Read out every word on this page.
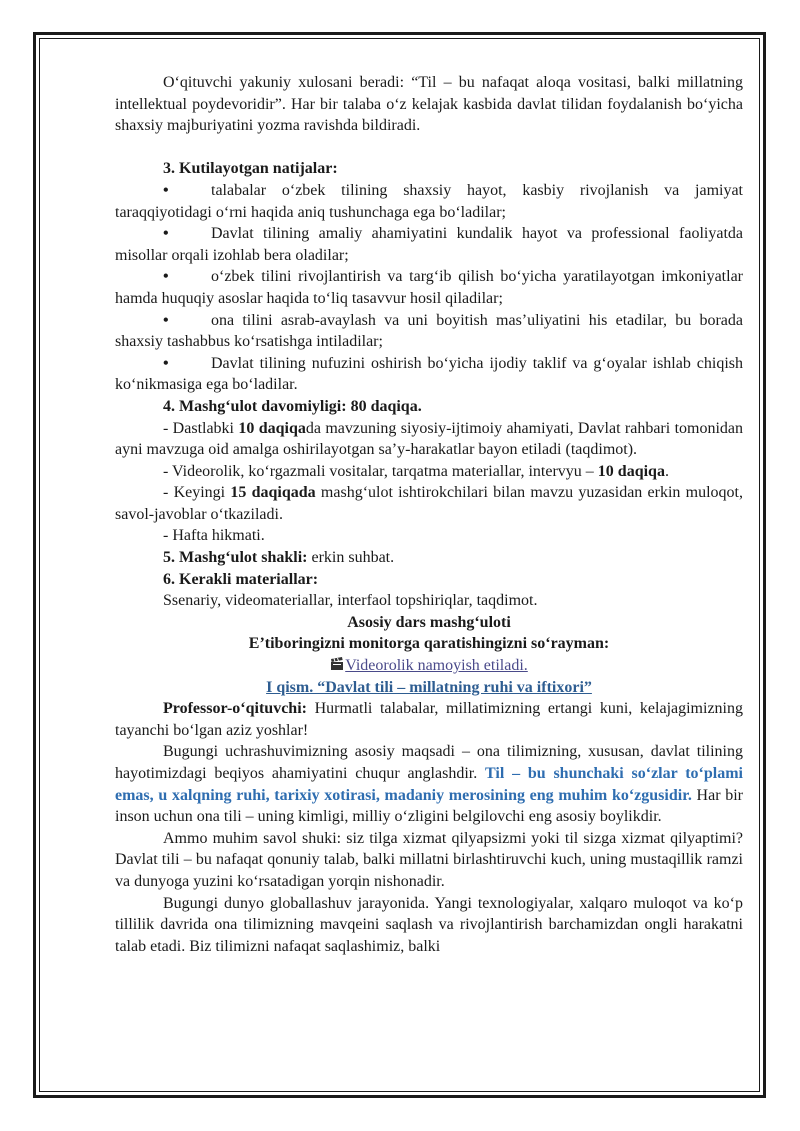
O‘qituvchi yakuniy xulosani beradi: “Til – bu nafaqat aloqa vositasi, balki millatning intellektual poydevoridir”. Har bir talaba o‘z kelajak kasbida davlat tilidan foydalanish bo‘yicha shaxsiy majburiyatini yozma ravishda bildiradi.

3. Kutilayotgan natijalar:

•	talabalar o‘zbek tilining shaxsiy hayot, kasbiy rivojlanish va jamiyat taraqqiyotidagi o‘rni haqida aniq tushunchaga ega bo‘ladilar;

•	Davlat tilining amaliy ahamiyatini kundalik hayot va professional faoliyatda misollar orqali izohlab bera oladilar;

•	o‘zbek tilini rivojlantirish va targ‘ib qilish bo‘yicha yaratilayotgan imkoniyatlar hamda huquqiy asoslar haqida to‘liq tasavvur hosil qiladilar;

•	ona tilini asrab-avaylash va uni boyitish mas’uliyatini his etadilar, bu borada shaxsiy tashabbus ko‘rsatishga intiladilar;

•	Davlat tilining nufuzini oshirish bo‘yicha ijodiy taklif va g‘oyalar ishlab chiqish ko‘nikmasiga ega bo‘ladilar.

4. Mashg‘ulot davomiyligi: 80 daqiqa.

- Dastlabki 10 daqiqada mavzuning siyosiy-ijtimoiy ahamiyati, Davlat rahbari tomonidan ayni mavzuga oid amalga oshirilayotgan sa’y-harakatlar bayon etiladi (taqdimot).

- Videorolik, ko‘rgazmali vositalar, tarqatma materiallar, intervyu – 10 daqiqa.

- Keyingi 15 daqiqada mashg‘ulot ishtirokchilari bilan mavzu yuzasidan erkin muloqot, savol-javoblar o‘tkaziladi.

- Hafta hikmati.

5. Mashg‘ulot shakli: erkin suhbat.

6. Kerakli materiallar:

Ssenariy, videomateriallar, interfaol topshiriqlar, taqdimot.

Asosiy dars mashg‘uloti

E’tiboringizni monitorga qaratishingizni so‘rayman:

Videorolik namoyish etiladi.

I qism. “Davlat tili – millatning ruhi va iftixori”

Professor-o‘qituvchi: Hurmatli talabalar, millatimizning ertangi kuni, kelajagimizning tayanchi bo‘lgan aziz yoshlar!

Bugungi uchrashuvimizning asosiy maqsadi – ona tilimizning, xususan, davlat tilining hayotimizdagi beqiyos ahamiyatini chuqur anglashdir. Til – bu shunchaki so‘zlar to‘plami emas, u xalqning ruhi, tarixiy xotirasi, madaniy merosining eng muhim ko‘zgusidir. Har bir inson uchun ona tili – uning kimligi, milliy o‘zligini belgilovchi eng asosiy boylikdir.

Ammo muhim savol shuki: siz tilga xizmat qilyapsizmi yoki til sizga xizmat qilyaptimi? Davlat tili – bu nafaqat qonuniy talab, balki millatni birlashtiruvchi kuch, uning mustaqillik ramzi va dunyoga yuzini ko‘rsatadigan yorqin nishonadir.

Bugungi dunyo globallashuv jarayonida. Yangi texnologiyalar, xalqaro muloqot va ko‘p tillilik davrida ona tilimizning mavqeini saqlash va rivojlantirish barchamizdan ongli harakatni talab etadi. Biz tilimizni nafaqat saqlashimiz, balki
